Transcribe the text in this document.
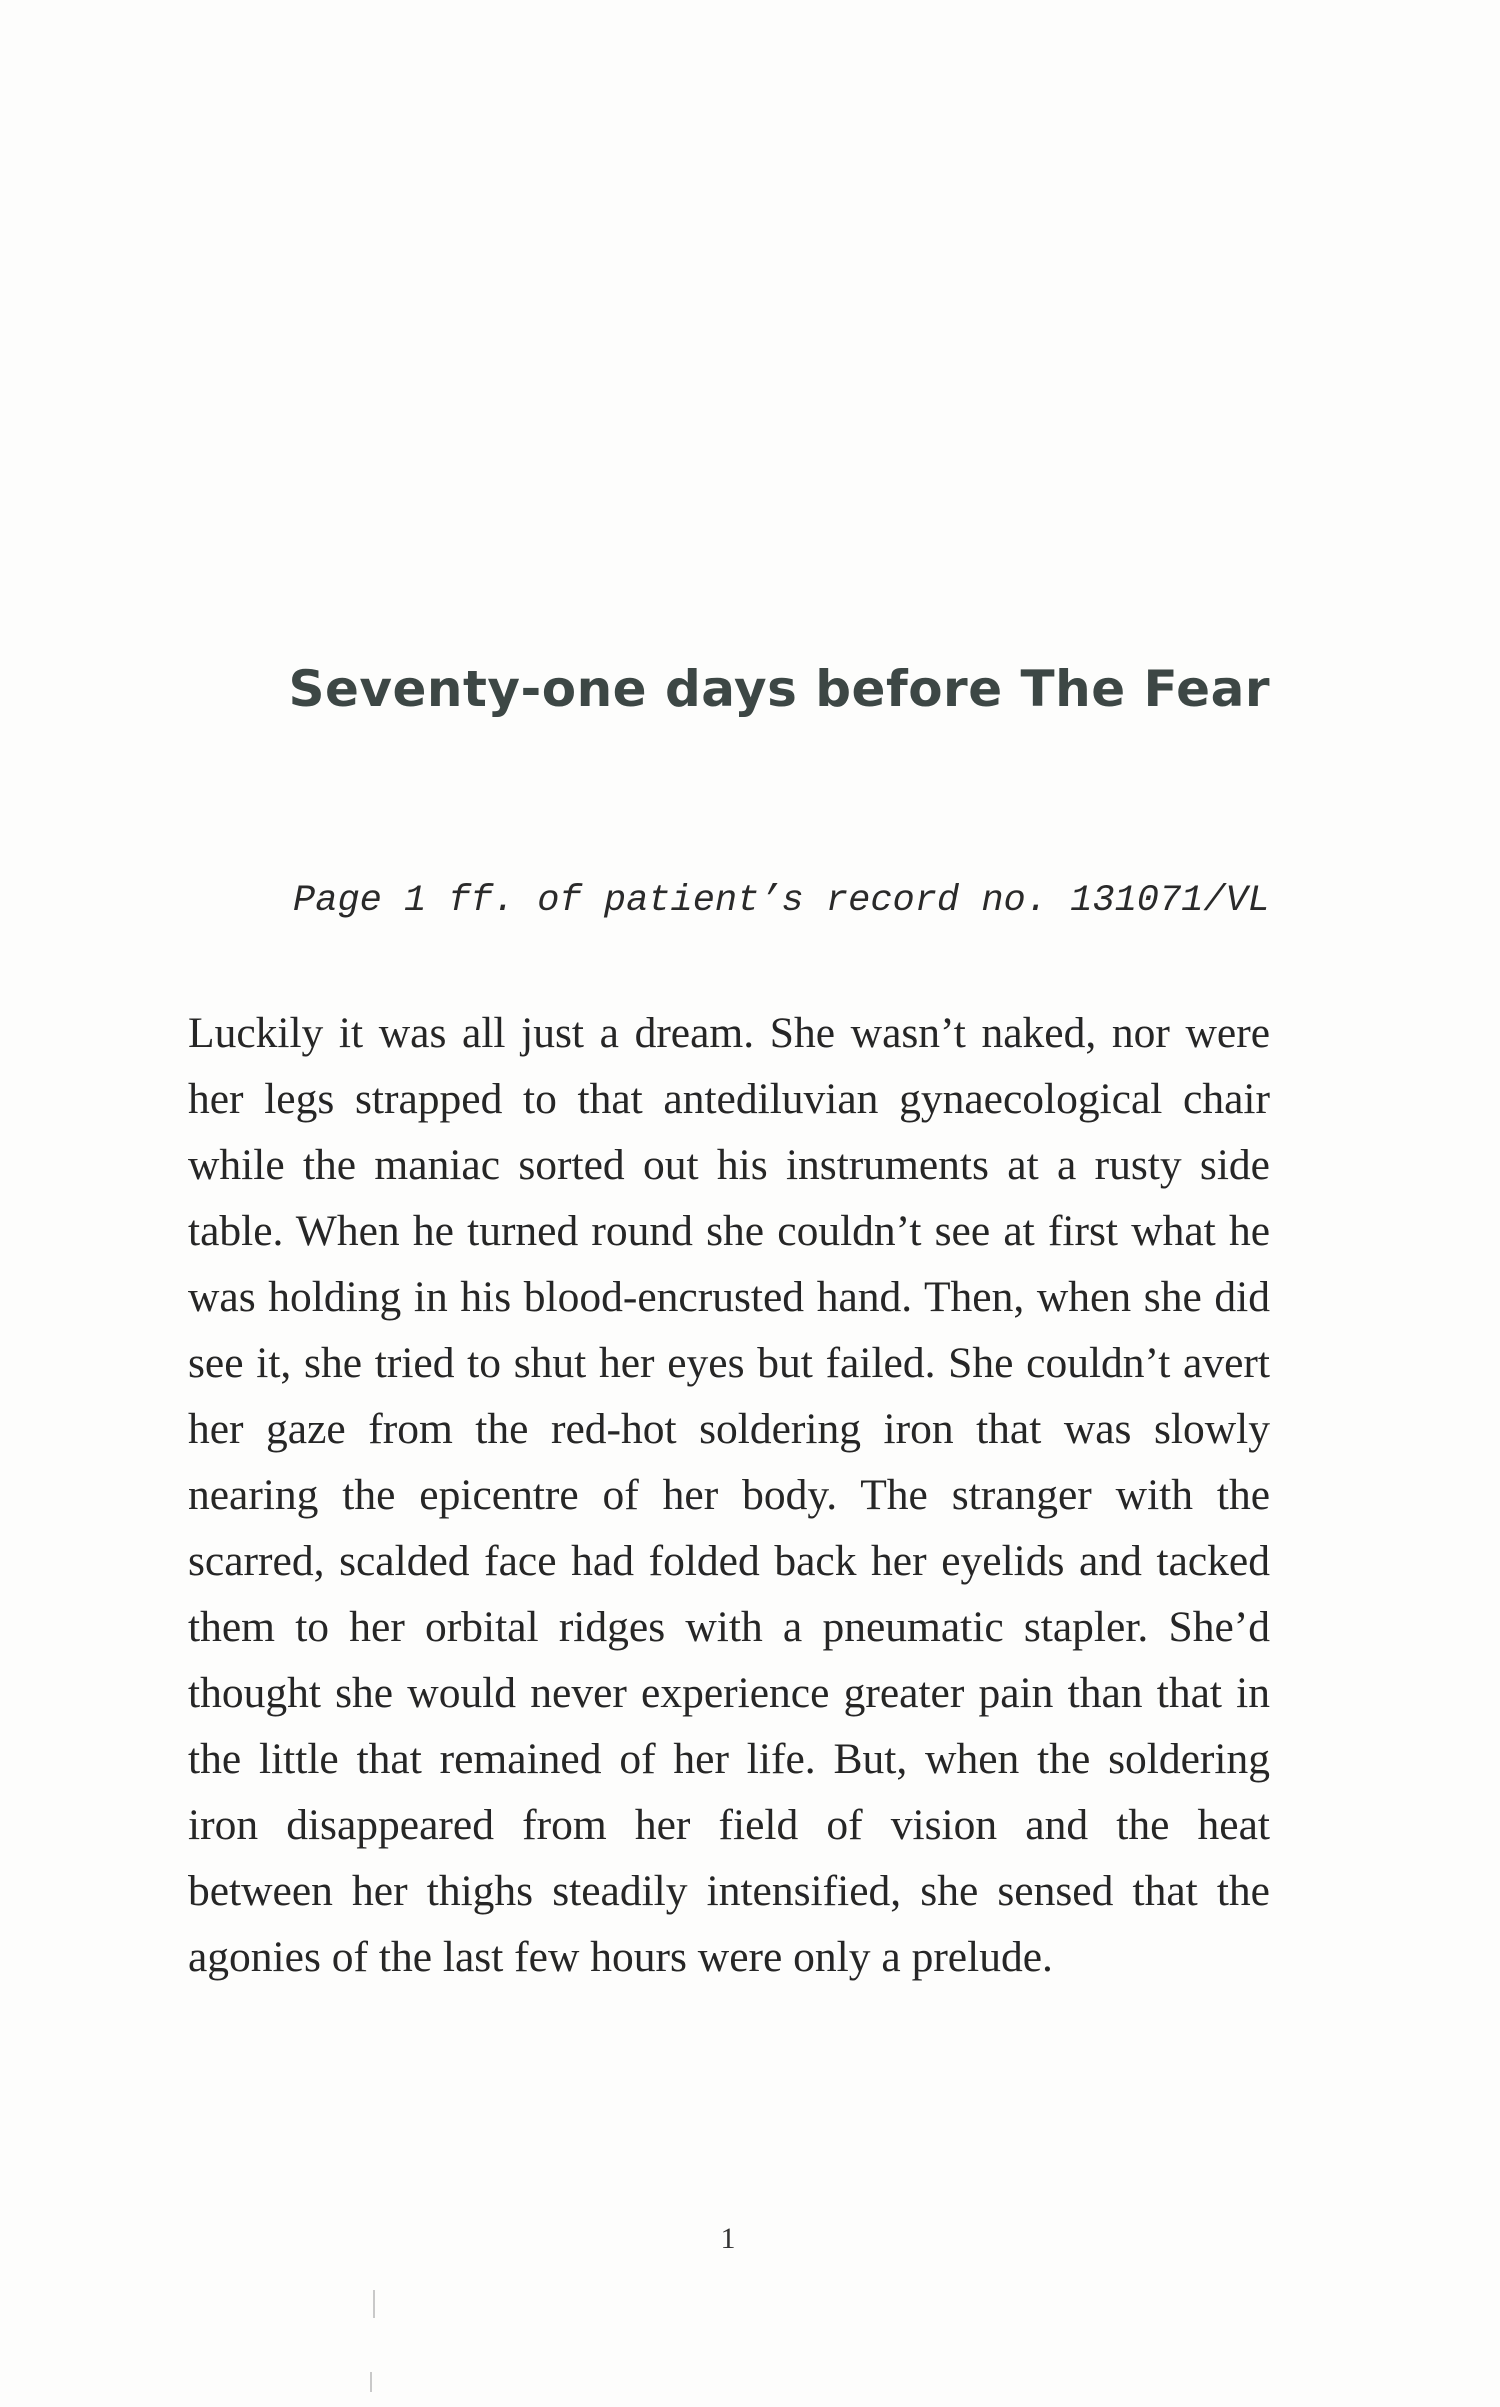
Seventy-one days before The Fear

Page 1 ff. of patient’s record no. 131071/VL

Luckily it was all just a dream. She wasn’t naked, nor were her legs strapped to that antediluvian gynaecological chair while the maniac sorted out his instruments at a rusty side table. When he turned round she couldn’t see at first what he was holding in his blood-encrusted hand. Then, when she did see it, she tried to shut her eyes but failed. She couldn’t avert her gaze from the red-hot soldering iron that was slowly nearing the epicentre of her body. The stranger with the scarred, scalded face had folded back her eyelids and tacked them to her orbital ridges with a pneumatic stapler. She’d thought she would never experience greater pain than that in the little that remained of her life. But, when the soldering iron disappeared from her field of vision and the heat between her thighs steadily intensified, she sensed that the agonies of the last few hours were only a prelude.

1
